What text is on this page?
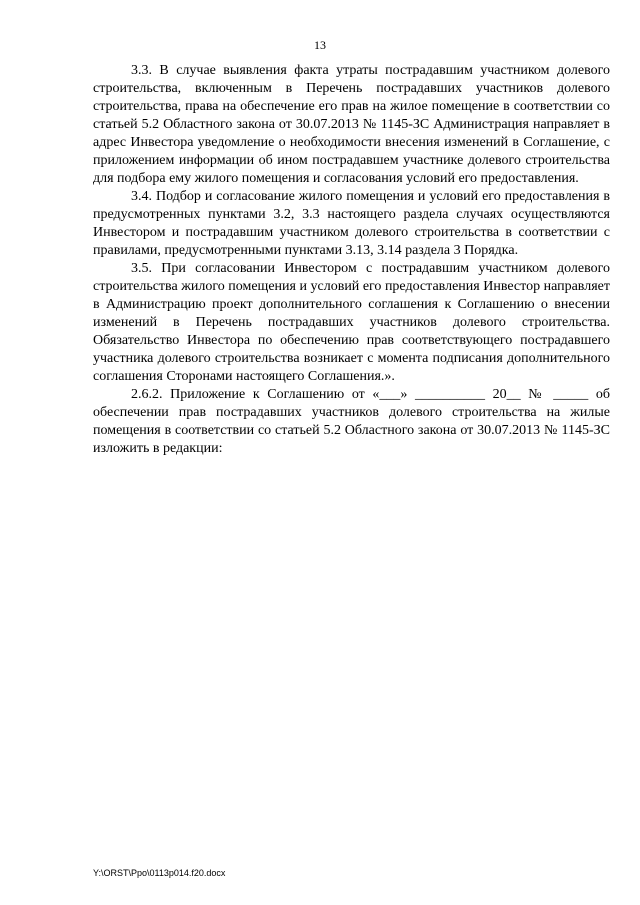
13

3.3. В случае выявления факта утраты пострадавшим участником долевого строительства, включенным в Перечень пострадавших участников долевого строительства, права на обеспечение его прав на жилое помещение в соответствии со статьей 5.2 Областного закона от 30.07.2013 № 1145-ЗС Администрация направляет в адрес Инвестора уведомление о необходимости внесения изменений в Соглашение, с приложением информации об ином пострадавшем участнике долевого строительства для подбора ему жилого помещения и согласования условий его предоставления.

3.4. Подбор и согласование жилого помещения и условий его предоставления в предусмотренных пунктами 3.2, 3.3 настоящего раздела случаях осуществляются Инвестором и пострадавшим участником долевого строительства в соответствии с правилами, предусмотренными пунктами 3.13, 3.14 раздела 3 Порядка.

3.5. При согласовании Инвестором с пострадавшим участником долевого строительства жилого помещения и условий его предоставления Инвестор направляет в Администрацию проект дополнительного соглашения к Соглашению о внесении изменений в Перечень пострадавших участников долевого строительства. Обязательство Инвестора по обеспечению прав соответствующего пострадавшего участника долевого строительства возникает с момента подписания дополнительного соглашения Сторонами настоящего Соглашения.».

2.6.2. Приложение к Соглашению от «___» __________ 20__ № _____ об обеспечении прав пострадавших участников долевого строительства на жилые помещения в соответствии со статьей 5.2 Областного закона от 30.07.2013 № 1145-ЗС изложить в редакции:

Y:\ORST\Ppo\0113p014.f20.docx
